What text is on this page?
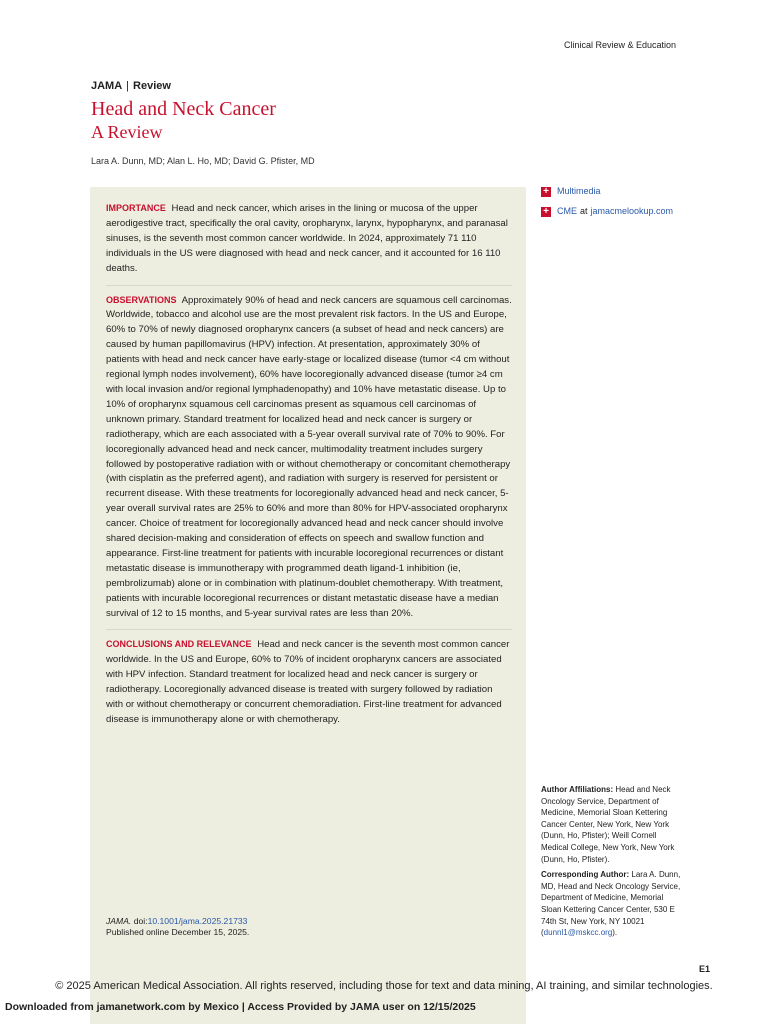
Clinical Review & Education
JAMA | Review
Head and Neck Cancer
A Review
Lara A. Dunn, MD; Alan L. Ho, MD; David G. Pfister, MD

IMPORTANCE Head and neck cancer, which arises in the lining or mucosa of the upper aerodigestive tract, specifically the oral cavity, oropharynx, larynx, hypopharynx, and paranasal sinuses, is the seventh most common cancer worldwide. In 2024, approximately 71 110 individuals in the US were diagnosed with head and neck cancer, and it accounted for 16 110 deaths.

OBSERVATIONS Approximately 90% of head and neck cancers are squamous cell carcinomas. Worldwide, tobacco and alcohol use are the most prevalent risk factors. In the US and Europe, 60% to 70% of newly diagnosed oropharynx cancers (a subset of head and neck cancers) are caused by human papillomavirus (HPV) infection. At presentation, approximately 30% of patients with head and neck cancer have early-stage or localized disease (tumor <4 cm without regional lymph nodes involvement), 60% have locoregionally advanced disease (tumor ≥4 cm with local invasion and/or regional lymphadenopathy) and 10% have metastatic disease. Up to 10% of oropharynx squamous cell carcinomas present as squamous cell carcinomas of unknown primary. Standard treatment for localized head and neck cancer is surgery or radiotherapy, which are each associated with a 5-year overall survival rate of 70% to 90%. For locoregionally advanced head and neck cancer, multimodality treatment includes surgery followed by postoperative radiation with or without chemotherapy or concomitant chemotherapy (with cisplatin as the preferred agent), and radiation with surgery is reserved for persistent or recurrent disease. With these treatments for locoregionally advanced head and neck cancer, 5-year overall survival rates are 25% to 60% and more than 80% for HPV-associated oropharynx cancer. Choice of treatment for locoregionally advanced head and neck cancer should involve shared decision-making and consideration of effects on speech and swallow function and appearance. First-line treatment for patients with incurable locoregional recurrences or distant metastatic disease is immunotherapy with programmed death ligand-1 inhibition (ie, pembrolizumab) alone or in combination with platinum-doublet chemotherapy. With treatment, patients with incurable locoregional recurrences or distant metastatic disease have a median survival of 12 to 15 months, and 5-year survival rates are less than 20%.

CONCLUSIONS AND RELEVANCE Head and neck cancer is the seventh most common cancer worldwide. In the US and Europe, 60% to 70% of incident oropharynx cancers are associated with HPV infection. Standard treatment for localized head and neck cancer is surgery or radiotherapy. Locoregionally advanced disease is treated with surgery followed by radiation with or without chemotherapy or concurrent chemoradiation. First-line treatment for advanced disease is immunotherapy alone or with chemotherapy.

JAMA. doi:10.1001/jama.2025.21733
Published online December 15, 2025.
+ Multimedia
+ CME at jamacmelookup.com

Author Affiliations: Head and Neck Oncology Service, Department of Medicine, Memorial Sloan Kettering Cancer Center, New York, New York (Dunn, Ho, Pfister); Weill Cornell Medical College, New York, New York (Dunn, Ho, Pfister).

Corresponding Author: Lara A. Dunn, MD, Head and Neck Oncology Service, Department of Medicine, Memorial Sloan Kettering Cancer Center, 530 E 74th St, New York, NY 10021 (dunnl1@mskcc.org).

E1
© 2025 American Medical Association. All rights reserved, including those for text and data mining, AI training, and similar technologies.
Downloaded from jamanetwork.com by Mexico | Access Provided by JAMA user on 12/15/2025
